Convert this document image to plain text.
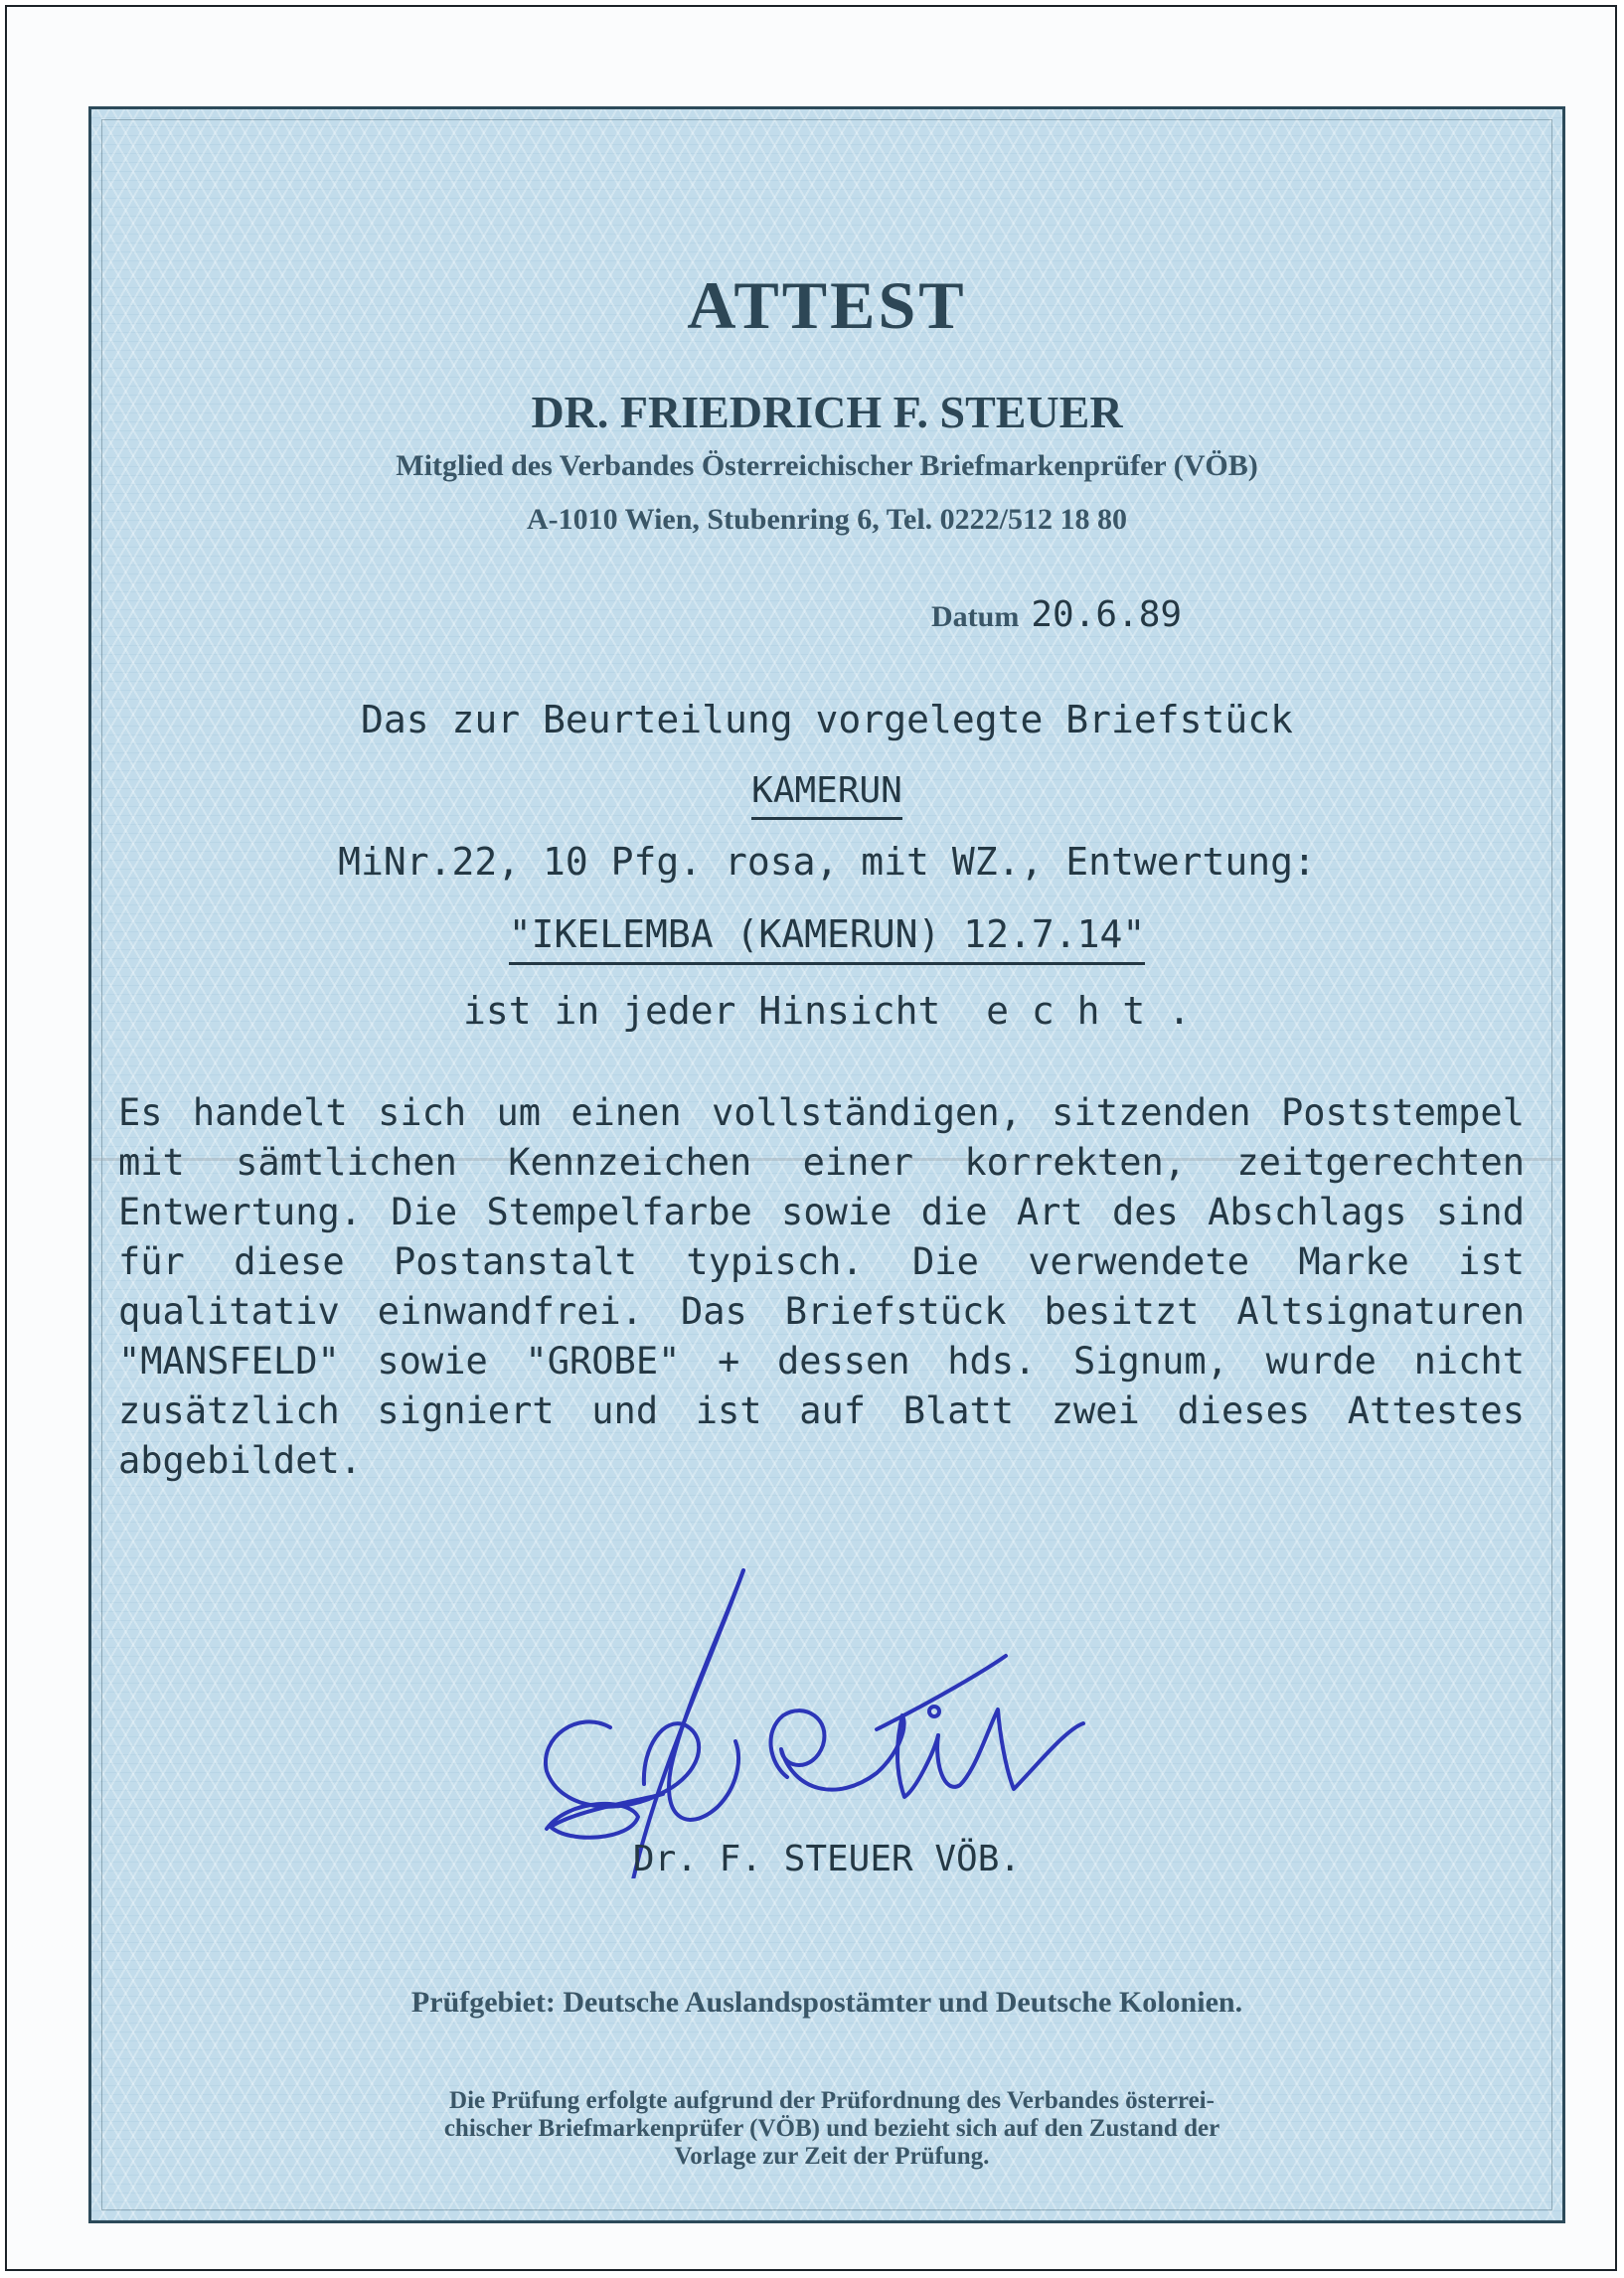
ATTEST
DR. FRIEDRICH F. STEUER
Mitglied des Verbandes Österreichischer Briefmarkenprüfer (VÖB)
A-1010 Wien, Stubenring 6, Tel. 0222/512 18 80
Datum 20.6.89
Das zur Beurteilung vorgelegte Briefstück
KAMERUN
MiNr.22, 10 Pfg. rosa, mit WZ., Entwertung:
"IKELEMBA (KAMERUN) 12.7.14"
ist in jeder Hinsicht  e c h t .
Es handelt sich um einen vollständigen, sitzenden Poststempel mit sämtlichen Kennzeichen einer korrekten, zeitgerechten Entwertung. Die Stempelfarbe sowie die Art des Abschlags sind für diese Postanstalt typisch. Die verwendete Marke ist qualitativ einwandfrei. Das Briefstück besitzt Altsignaturen "MANSFELD" sowie "GROBE" + dessen hds. Signum, wurde nicht zusätzlich signiert und ist auf Blatt zwei dieses Attestes abgebildet.
Dr. F. STEUER VÖB.
Prüfgebiet: Deutsche Auslandspostämter und Deutsche Kolonien.
Die Prüfung erfolgte aufgrund der Prüfordnung des Verbandes österrei-
chischer Briefmarkenprüfer (VÖB) und bezieht sich auf den Zustand der
Vorlage zur Zeit der Prüfung.
